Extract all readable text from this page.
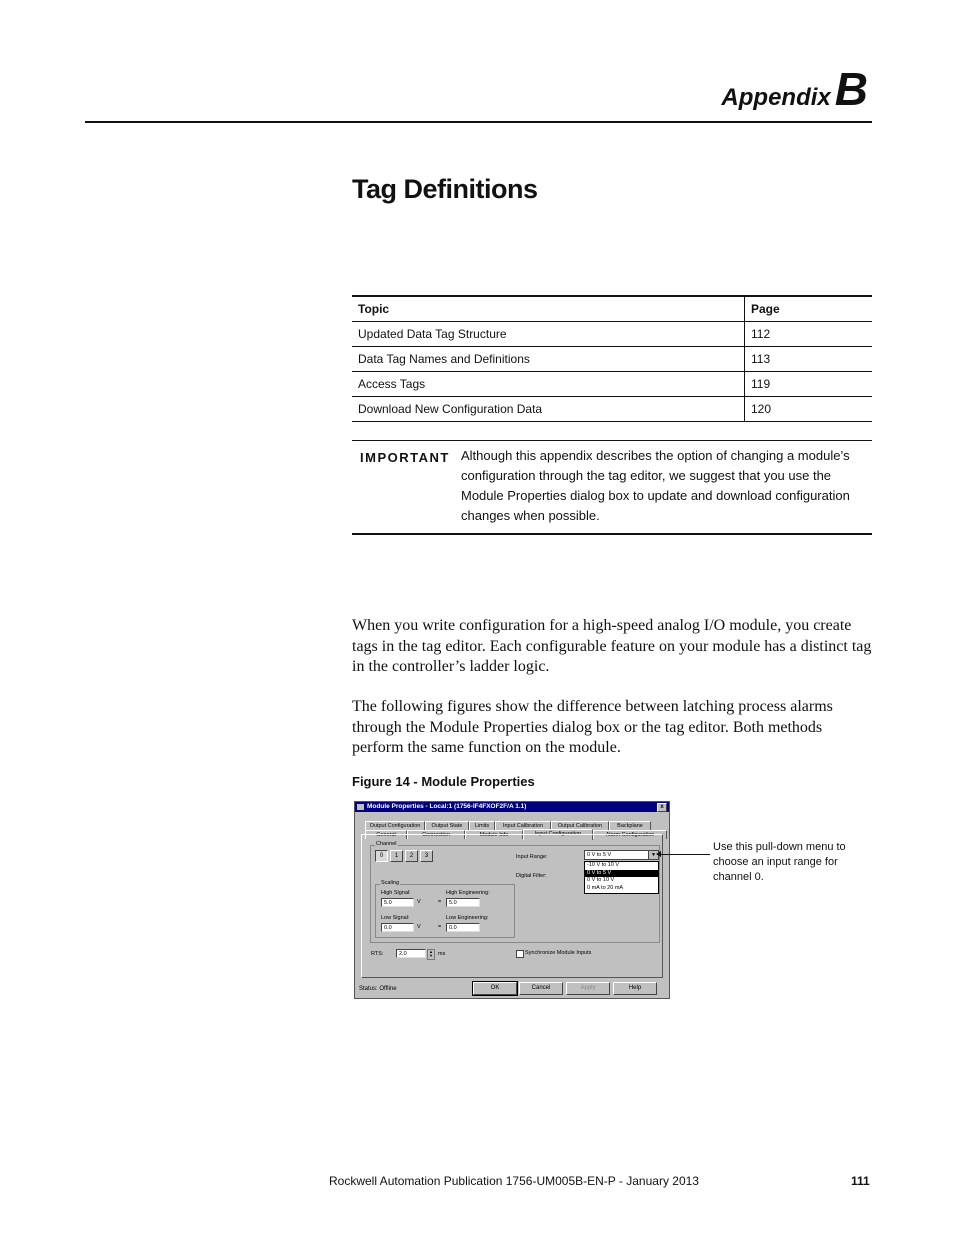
AppendixB
Tag Definitions
Topic	Page
Updated Data Tag Structure	112
Data Tag Names and Definitions	113
Access Tags	119
Download New Configuration Data	120
IMPORTANT Although this appendix describes the option of changing a module’s configuration through the tag editor, we suggest that you use the Module Properties dialog box to update and download configuration changes when possible.
When you write configuration for a high-speed analog I/O module, you create tags in the tag editor. Each configurable feature on your module has a distinct tag in the controller’s ladder logic.
The following figures show the difference between latching process alarms through the Module Properties dialog box or the tag editor. Both methods perform the same function on the module.
Figure 14 - Module Properties
Module Properties - Local:1 (1756-IF4FXOF2F/A 1.1)	x
Output Configuration	Output State	Limits	Input Calibration	Output Calibration	Backplane
General	Connection	Module Info	Input Configuration	Alarm Configuration
Channel
0	1	2	3
Scaling
High Signal:
5.0	V	=
High Engineering:
5.0
Low Signal:
0.0	V	=
Low Engineering:
0.0
Input Range:
Digital Filter:
RTS:	2.0	▲
▼ ms	Synchronize Module Inputs
0 V to 5 V	▼
-10 V to 10 V
0 V to 5 V
0 V to 10 V
0 mA to 20 mA
Status: Offline	OK	Cancel	Apply	Help
Use this pull-down menu to choose an input range for channel 0.
Rockwell Automation Publication 1756-UM005B-EN-P - January 2013	111
